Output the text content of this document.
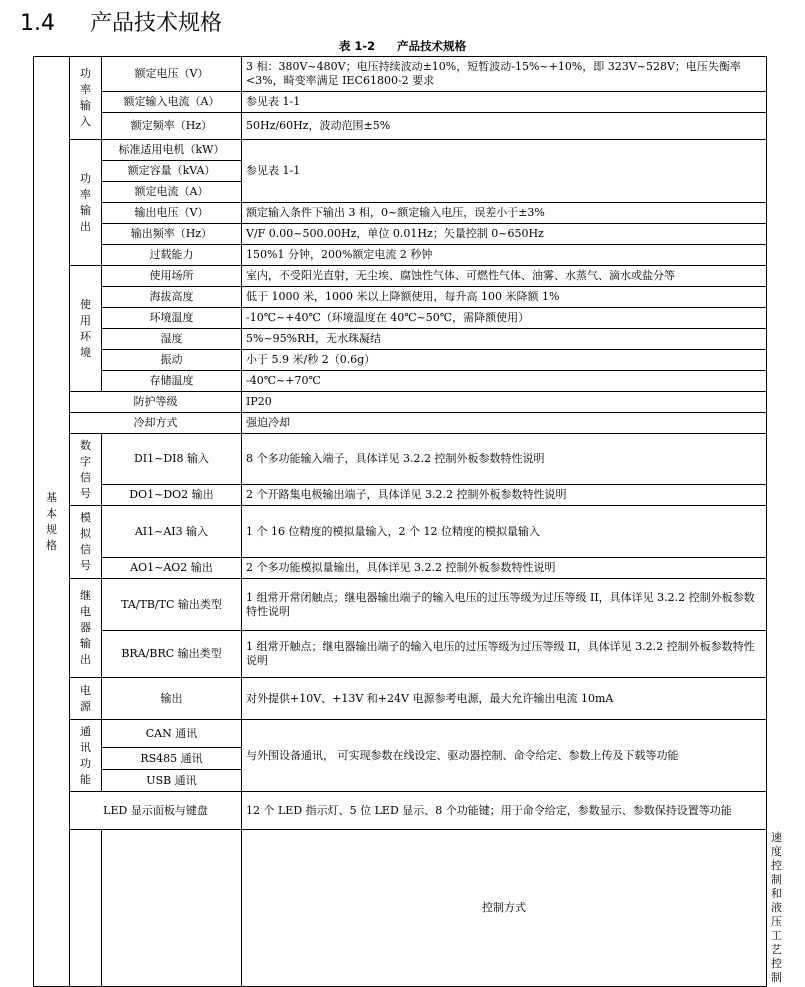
1.4 产品技术规格
表 1-2 产品技术规格
基本规格	功率输入	额定电压（V）	3 相：380V~480V；电压持续波动±10%，短暂波动-15%~+10%，即 323V~528V；电压失衡率<3%，畸变率满足 IEC61800-2 要求	
		额定输入电流（A）	参见表 1-1	
		额定频率（Hz）	50Hz/60Hz，波动范围±5%	
	功率输出	标准适用电机（kW）	参见表 1-1	
		额定容量（kVA）		
		额定电流（A）		
		输出电压（V）	额定输入条件下输出 3 相，0~额定输入电压，误差小于±3%	
		输出频率（Hz）	V/F 0.00~500.00Hz，单位 0.01Hz；矢量控制 0~650Hz	
		过载能力	150%1 分钟，200%额定电流 2 秒钟	
	使用环境	使用场所	室内，不受阳光直射，无尘埃、腐蚀性气体、可燃性气体、油雾、水蒸气、滴水或盐分等	
		海拔高度	低于 1000 米，1000 米以上降额使用，每升高 100 米降额 1%	
		环境温度	-10℃~+40℃（环境温度在 40℃~50℃，需降额使用）	
		湿度	5%~95%RH，无水珠凝结	
		振动	小于 5.9 米/秒 2（0.6g）	
		存储温度	-40℃~+70℃	
	防护等级		IP20	
	冷却方式		强迫冷却	
	数字信号	DI1~DI8 输入	8 个多功能输入端子，具体详见 3.2.2 控制外板参数特性说明	
		DO1~DO2 输出	2 个开路集电极输出端子，具体详见 3.2.2 控制外板参数特性说明	
	模拟信号	AI1~AI3 输入	1 个 16 位精度的模拟量输入，2 个 12 位精度的模拟量输入	
		AO1~AO2 输出	2 个多功能模拟量输出，具体详见 3.2.2 控制外板参数特性说明	
	继电器输出	TA/TB/TC 输出类型	1 组常开常闭触点；继电器输出端子的输入电压的过压等级为过压等级 II，具体详见 3.2.2 控制外板参数特性说明	
		BRA/BRC 输出类型	1 组常开触点；继电器输出端子的输入电压的过压等级为过压等级 II，具体详见 3.2.2 控制外板参数特性说明	
	电源	输出	对外提供+10V、+13V 和+24V 电源参考电源，最大允许输出电流 10mA	
	通讯功能	CAN 通讯	与外围设备通讯， 可实现参数在线设定、驱动器控制、命令给定、参数上传及下载等功能	
		RS485 通讯		
		USB 通讯		
	LED 显示面板与键盘		12 个 LED 指示灯、5 位 LED 显示、8 个功能键；用于命令给定，参数显示、参数保持设置等功能	
			控制方式	速度控制和液压工艺控制
